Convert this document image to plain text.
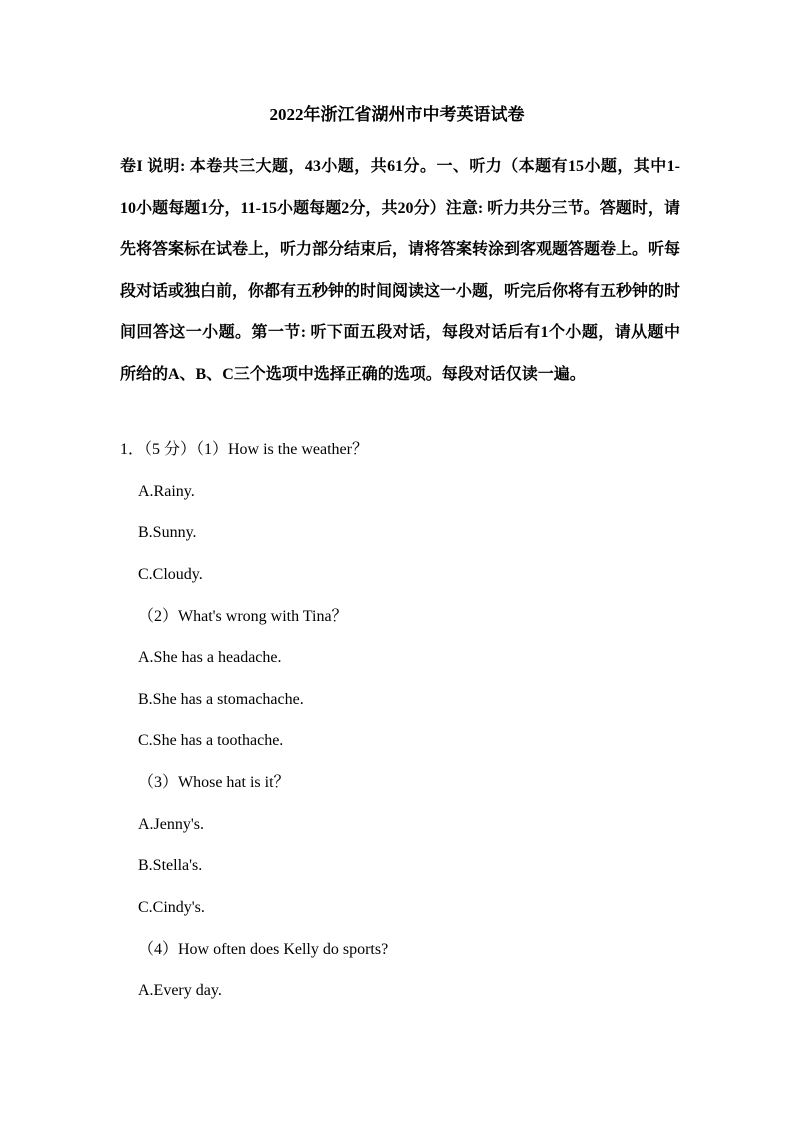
2022年浙江省湖州市中考英语试卷

卷I 说明: 本卷共三大题，43小题，共61分。一、听力（本题有15小题，其中1-10小题每题1分，11-15小题每题2分，共20分）注意: 听力共分三节。答题时，请先将答案标在试卷上，听力部分结束后，请将答案转涂到客观题答题卷上。听每段对话或独白前，你都有五秒钟的时间阅读这一小题，听完后你将有五秒钟的时间回答这一小题。第一节: 听下面五段对话，每段对话后有1个小题，请从题中所给的A、B、C三个选项中选择正确的选项。每段对话仅读一遍。

1．（5 分）（1）How is the weather？
A.Rainy.
B.Sunny.
C.Cloudy.
（2）What's wrong with Tina？
A.She has a headache.
B.She has a stomachache.
C.She has a toothache.
（3）Whose hat is it？
A.Jenny's.
B.Stella's.
C.Cindy's.
（4）How often does Kelly do sports?
A.Every day.
